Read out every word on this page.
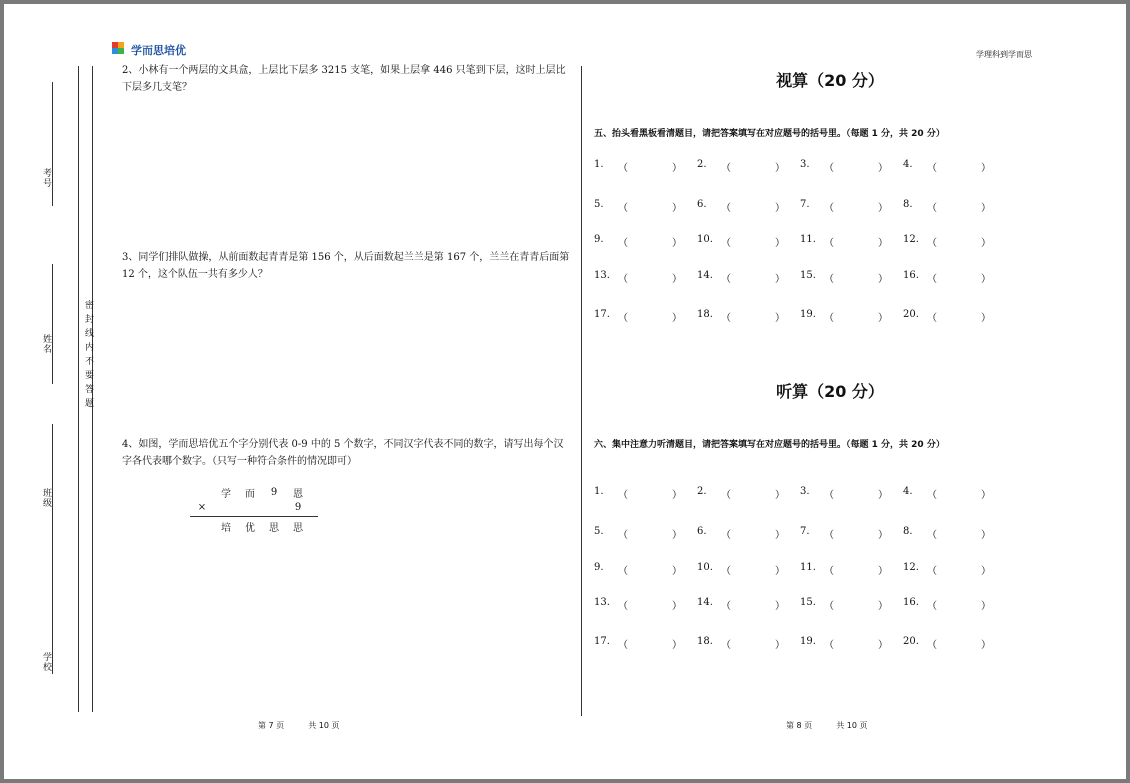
学而思培优	学理科到学而思
考号
姓名
班级
学校
密封线内不要答题
2、小林有一个两层的文具盒，上层比下层多 3215 支笔，如果上层拿 446 只笔到下层，这时上层比下层多几支笔？
3、同学们排队做操，从前面数起青青是第 156 个，从后面数起兰兰是第 167 个，兰兰在青青后面第 12 个，这个队伍一共有多少人？
4、如图，学而思培优五个字分别代表 0-9 中的 5 个数字，不同汉字代表不同的数字，请写出每个汉字各代表哪个数字。（只写一种符合条件的情况即可）
学	而	9	恩
×	9
培	优	思	思
第 7 页	共 10 页
视算（20 分）
五、抬头看黑板看清题目，请把答案填写在对应题号的括号里。（每题 1 分，共 20 分）
1. （	） 2. （	） 3. （	） 4. （	）
5. （	） 6. （	） 7. （	） 8. （	）
9. （	） 10. （	） 11. （	） 12. （	）
13. （	） 14. （	） 15. （	） 16. （	）
17. （	） 18. （	） 19. （	） 20. （	）
听算（20 分）
六、集中注意力听清题目，请把答案填写在对应题号的括号里。（每题 1 分，共 20 分）
1. （	） 2. （	） 3. （	） 4. （	）
5. （	） 6. （	） 7. （	） 8. （	）
9. （	） 10. （	） 11. （	） 12. （	）
13. （	） 14. （	） 15. （	） 16. （	）
17. （	） 18. （	） 19. （	） 20. （	）
第 8 页	共 10 页
